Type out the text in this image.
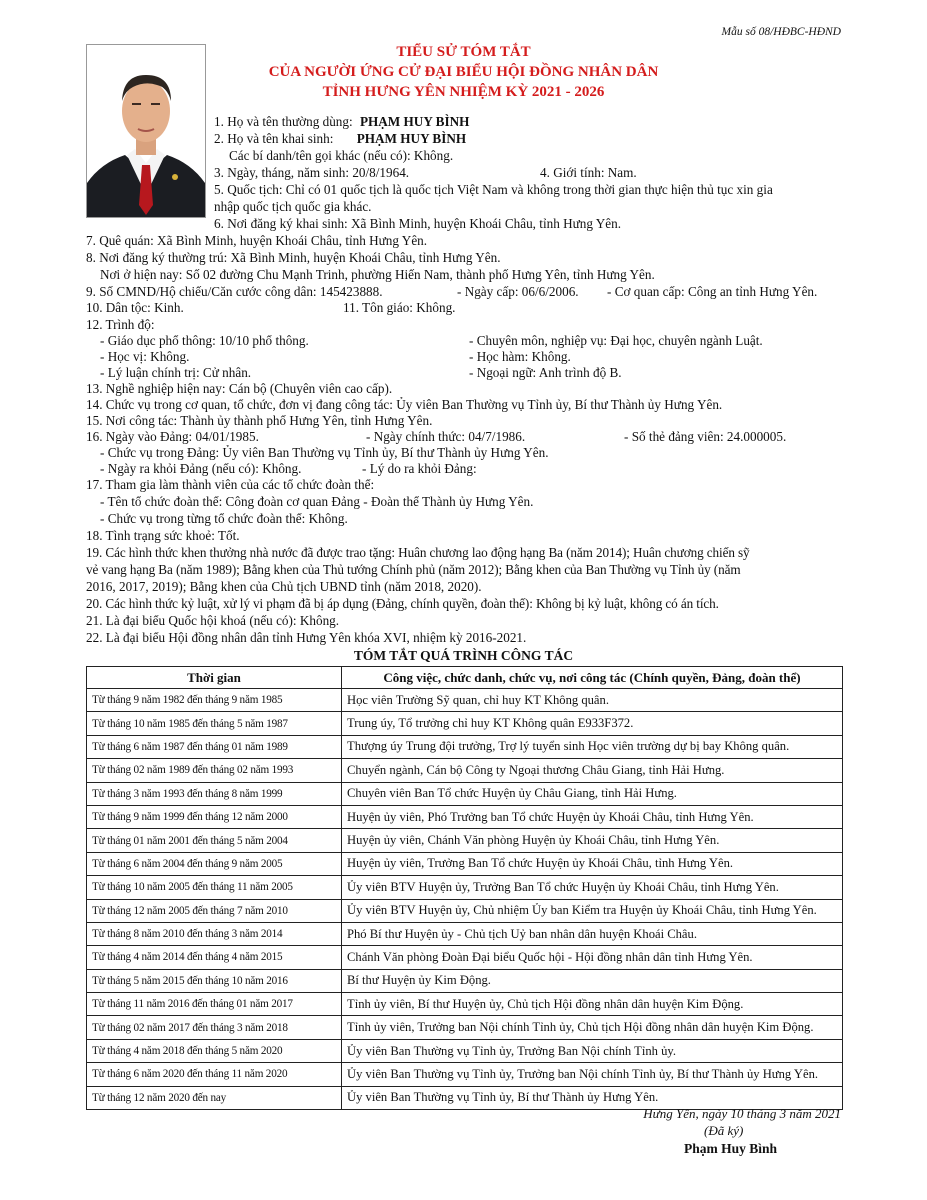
Mẫu số 08/HĐBC-HĐND
TIỂU SỬ TÓM TẮT
CỦA NGƯỜI ỨNG CỬ ĐẠI BIỂU HỘI ĐỒNG NHÂN DÂN
TỈNH HƯNG YÊN NHIỆM KỲ 2021 - 2026
1. Họ và tên thường dùng: PHẠM HUY BÌNH
2. Họ và tên khai sinh: PHẠM HUY BÌNH
Các bí danh/tên gọi khác (nếu có): Không.
3. Ngày, tháng, năm sinh: 20/8/1964.	4. Giới tính: Nam.
5. Quốc tịch: Chỉ có 01 quốc tịch là quốc tịch Việt Nam và không trong thời gian thực hiện thủ tục xin gia
nhập quốc tịch quốc gia khác.
6. Nơi đăng ký khai sinh: Xã Bình Minh, huyện Khoái Châu, tỉnh Hưng Yên.
7. Quê quán: Xã Bình Minh, huyện Khoái Châu, tỉnh Hưng Yên.
8. Nơi đăng ký thường trú: Xã Bình Minh, huyện Khoái Châu, tỉnh Hưng Yên.
Nơi ở hiện nay: Số 02 đường Chu Mạnh Trinh, phường Hiến Nam, thành phố Hưng Yên, tỉnh Hưng Yên.
9. Số CMND/Hộ chiếu/Căn cước công dân: 145423888.	- Ngày cấp: 06/6/2006. - Cơ quan cấp: Công an tỉnh Hưng Yên.
10. Dân tộc: Kinh.	11. Tôn giáo: Không.
12. Trình độ:
- Giáo dục phổ thông: 10/10 phổ thông.	- Chuyên môn, nghiệp vụ: Đại học, chuyên ngành Luật.
- Học vị: Không.	- Học hàm: Không.
- Lý luận chính trị: Cử nhân.	- Ngoại ngữ: Anh trình độ B.
13. Nghề nghiệp hiện nay: Cán bộ (Chuyên viên cao cấp).
14. Chức vụ trong cơ quan, tổ chức, đơn vị đang công tác: Ủy viên Ban Thường vụ Tỉnh ủy, Bí thư Thành ủy Hưng Yên.
15. Nơi công tác: Thành ủy thành phố Hưng Yên, tỉnh Hưng Yên.
16. Ngày vào Đảng: 04/01/1985.	- Ngày chính thức: 04/7/1986.	- Số thẻ đảng viên: 24.000005.
- Chức vụ trong Đảng: Ủy viên Ban Thường vụ Tỉnh ủy, Bí thư Thành ủy Hưng Yên.
- Ngày ra khỏi Đảng (nếu có): Không.	- Lý do ra khỏi Đảng:
17. Tham gia làm thành viên của các tổ chức đoàn thể:
- Tên tổ chức đoàn thể: Công đoàn cơ quan Đảng - Đoàn thể Thành ủy Hưng Yên.
- Chức vụ trong từng tổ chức đoàn thể: Không.
18. Tình trạng sức khoẻ: Tốt.
19. Các hình thức khen thưởng nhà nước đã được trao tặng: Huân chương lao động hạng Ba (năm 2014); Huân chương chiến sỹ
vẻ vang hạng Ba (năm 1989); Bằng khen của Thủ tướng Chính phủ (năm 2012); Bằng khen của Ban Thường vụ Tỉnh ủy (năm
2016, 2017, 2019); Bằng khen của Chủ tịch UBND tỉnh (năm 2018, 2020).
20. Các hình thức kỷ luật, xử lý vi phạm đã bị áp dụng (Đảng, chính quyền, đoàn thể): Không bị kỷ luật, không có án tích.
21. Là đại biểu Quốc hội khoá (nếu có): Không.
22. Là đại biểu Hội đồng nhân dân tỉnh Hưng Yên khóa XVI, nhiệm kỳ 2016-2021.
TÓM TẮT QUÁ TRÌNH CÔNG TÁC
Thời gian	Công việc, chức danh, chức vụ, nơi công tác (Chính quyền, Đảng, đoàn thể)
Từ tháng 9 năm 1982 đến tháng 9 năm 1985	Học viên Trường Sỹ quan, chỉ huy KT Không quân.
Từ tháng 10 năm 1985 đến tháng 5 năm 1987	Trung úy, Tổ trưởng chỉ huy KT Không quân E933F372.
Từ tháng 6 năm 1987 đến tháng 01 năm 1989	Thượng úy Trung đội trưởng, Trợ lý tuyển sinh Học viên trường dự bị bay Không quân.
Từ tháng 02 năm 1989 đến tháng 02 năm 1993	Chuyển ngành, Cán bộ Công ty Ngoại thương Châu Giang, tỉnh Hải Hưng.
Từ tháng 3 năm 1993 đến tháng 8 năm 1999	Chuyên viên Ban Tổ chức Huyện ủy Châu Giang, tỉnh Hải Hưng.
Từ tháng 9 năm 1999 đến tháng 12 năm 2000	Huyện ủy viên, Phó Trưởng ban Tổ chức Huyện ủy Khoái Châu, tỉnh Hưng Yên.
Từ tháng 01 năm 2001 đến tháng 5 năm 2004	Huyện ủy viên, Chánh Văn phòng Huyện ủy Khoái Châu, tỉnh Hưng Yên.
Từ tháng 6 năm 2004 đến tháng 9 năm 2005	Huyện ủy viên, Trưởng Ban Tổ chức Huyện ủy Khoái Châu, tỉnh Hưng Yên.
Từ tháng 10 năm 2005 đến tháng 11 năm 2005	Ủy viên BTV Huyện ủy, Trưởng Ban Tổ chức Huyện ủy Khoái Châu, tỉnh Hưng Yên.
Từ tháng 12 năm 2005 đến tháng 7 năm 2010	Ủy viên BTV Huyện ủy, Chủ nhiệm Ủy ban Kiểm tra Huyện ủy Khoái Châu, tỉnh Hưng Yên.
Từ tháng 8 năm 2010 đến tháng 3 năm 2014	Phó Bí thư Huyện ủy - Chủ tịch Uỷ ban nhân dân huyện Khoái Châu.
Từ tháng 4 năm 2014 đến tháng 4 năm 2015	Chánh Văn phòng Đoàn Đại biểu Quốc hội - Hội đồng nhân dân tỉnh Hưng Yên.
Từ tháng 5 năm 2015 đến tháng 10 năm 2016	Bí thư Huyện ủy Kim Động.
Từ tháng 11 năm 2016 đến tháng 01 năm 2017	Tỉnh ủy viên, Bí thư Huyện ủy, Chủ tịch Hội đồng nhân dân huyện Kim Động.
Từ tháng 02 năm 2017 đến tháng 3 năm 2018	Tỉnh ủy viên, Trưởng ban Nội chính Tỉnh ủy, Chủ tịch Hội đồng nhân dân huyện Kim Động.
Từ tháng 4 năm 2018 đến tháng 5 năm 2020	Ủy viên Ban Thường vụ Tỉnh ủy, Trưởng Ban Nội chính Tỉnh ủy.
Từ tháng 6 năm 2020 đến tháng 11 năm 2020	Ủy viên Ban Thường vụ Tỉnh ủy, Trưởng ban Nội chính Tỉnh ủy, Bí thư Thành ủy Hưng Yên.
Từ tháng 12 năm 2020 đến nay	Ủy viên Ban Thường vụ Tỉnh ủy, Bí thư Thành ủy Hưng Yên.
Hưng Yên, ngày 10 tháng 3 năm 2021
(Đã ký)
Phạm Huy Bình
